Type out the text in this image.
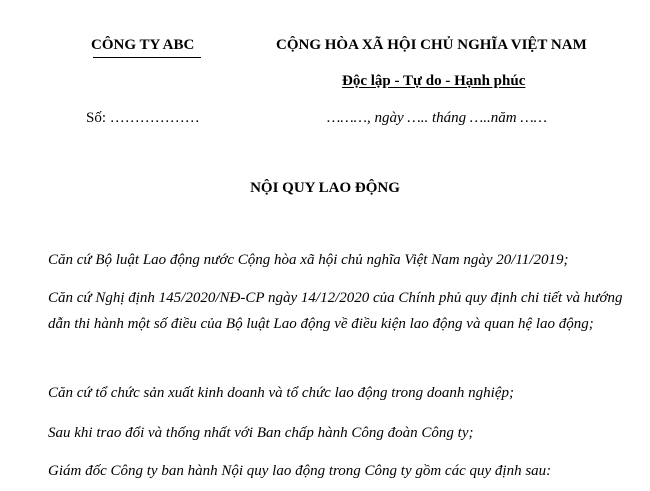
CÔNG TY ABC	CỘNG HÒA XÃ HỘI CHỦ NGHĨA VIỆT NAM
Độc lập - Tự do - Hạnh phúc
Số: ………………	………, ngày ….. tháng …..năm ……
NỘI QUY LAO ĐỘNG

Căn cứ Bộ luật Lao động nước Cộng hòa xã hội chủ nghĩa Việt Nam ngày 20/11/2019;

Căn cứ Nghị định 145/2020/NĐ-CP ngày 14/12/2020 của Chính phủ quy định chi tiết và hướng dẫn thi hành một số điều của Bộ luật Lao động về điều kiện lao động và quan hệ lao động;

Căn cứ tổ chức sản xuất kinh doanh và tổ chức lao động trong doanh nghiệp;

Sau khi trao đổi và thống nhất với Ban chấp hành Công đoàn Công ty;

Giám đốc Công ty ban hành Nội quy lao động trong Công ty gồm các quy định sau:
